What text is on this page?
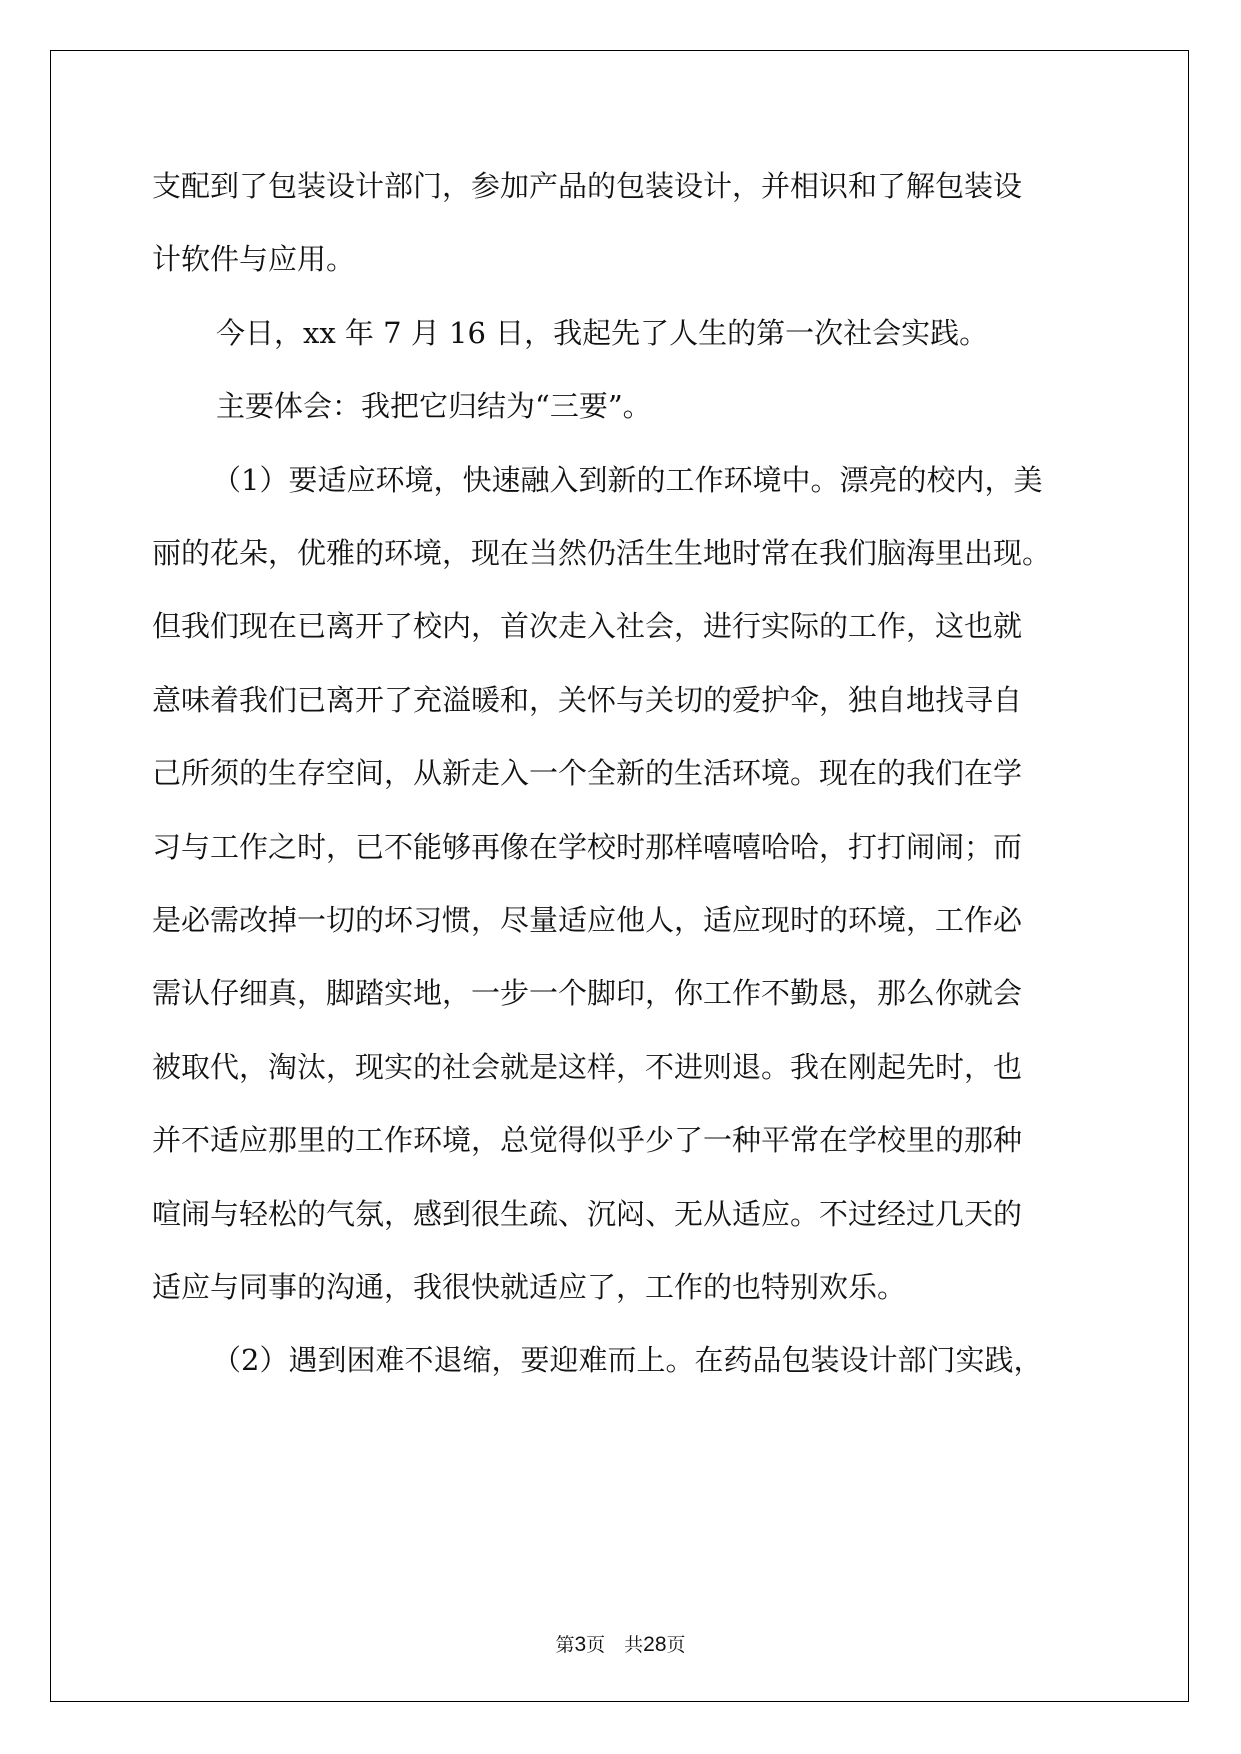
支配到了包装设计部门，参加产品的包装设计，并相识和了解包装设
计软件与应用。
今日，xx 年 7 月 16 日，我起先了人生的第一次社会实践。
主要体会：我把它归结为“三要”。
（1）要适应环境，快速融入到新的工作环境中。漂亮的校内，美
丽的花朵，优雅的环境，现在当然仍活生生地时常在我们脑海里出现。
但我们现在已离开了校内，首次走入社会，进行实际的工作，这也就
意味着我们已离开了充溢暖和，关怀与关切的爱护伞，独自地找寻自
己所须的生存空间，从新走入一个全新的生活环境。现在的我们在学
习与工作之时，已不能够再像在学校时那样嘻嘻哈哈，打打闹闹；而
是必需改掉一切的坏习惯，尽量适应他人，适应现时的环境，工作必
需认仔细真，脚踏实地，一步一个脚印，你工作不勤恳，那么你就会
被取代，淘汰，现实的社会就是这样，不进则退。我在刚起先时，也
并不适应那里的工作环境，总觉得似乎少了一种平常在学校里的那种
喧闹与轻松的气氛，感到很生疏、沉闷、无从适应。不过经过几天的
适应与同事的沟通，我很快就适应了，工作的也特别欢乐。
（2）遇到困难不退缩，要迎难而上。在药品包装设计部门实践，
第3页　共28页
